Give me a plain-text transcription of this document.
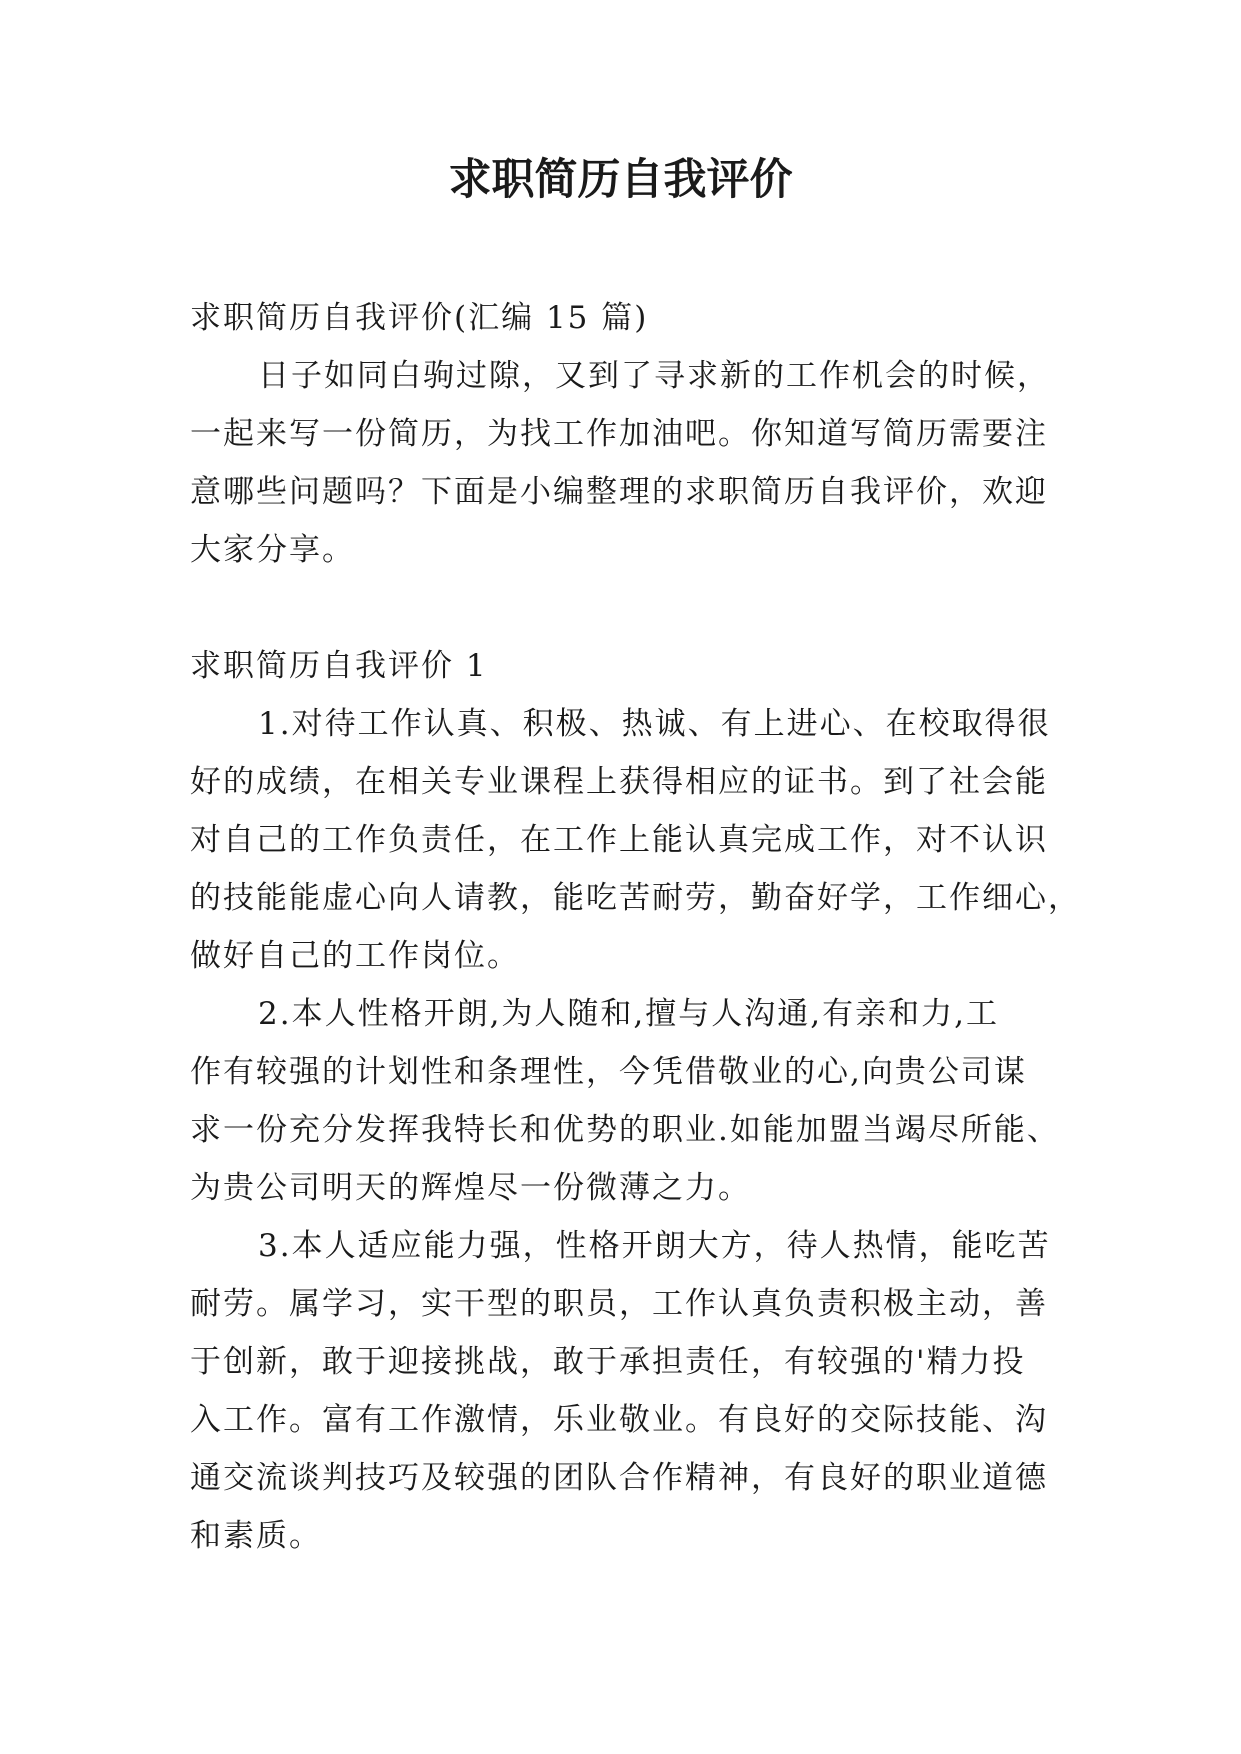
求职简历自我评价
求职简历自我评价(汇编 15 篇)
日子如同白驹过隙，又到了寻求新的工作机会的时候，
一起来写一份简历，为找工作加油吧。你知道写简历需要注
意哪些问题吗？下面是小编整理的求职简历自我评价，欢迎
大家分享。
求职简历自我评价 1
1.对待工作认真、积极、热诚、有上进心、在校取得很
好的成绩，在相关专业课程上获得相应的证书。到了社会能
对自己的工作负责任，在工作上能认真完成工作，对不认识
的技能能虚心向人请教，能吃苦耐劳，勤奋好学，工作细心，
做好自己的工作岗位。
2.本人性格开朗,为人随和,擅与人沟通,有亲和力,工
作有较强的计划性和条理性，今凭借敬业的心,向贵公司谋
求一份充分发挥我特长和优势的职业.如能加盟当竭尽所能、
为贵公司明天的辉煌尽一份微薄之力。
3.本人适应能力强，性格开朗大方，待人热情，能吃苦
耐劳。属学习，实干型的职员，工作认真负责积极主动，善
于创新，敢于迎接挑战，敢于承担责任，有较强的'精力投
入工作。富有工作激情，乐业敬业。有良好的交际技能、沟
通交流谈判技巧及较强的团队合作精神，有良好的职业道德
和素质。
